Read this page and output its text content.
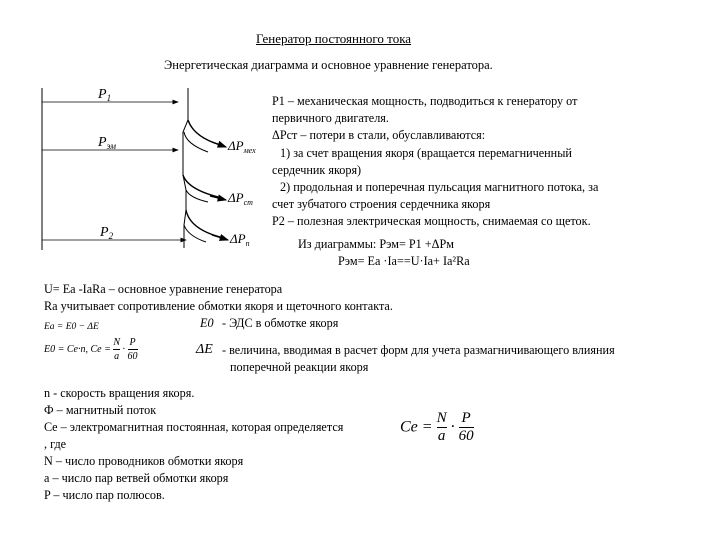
Генератор постоянного тока
Энергетическая диаграмма и основное уравнение генератора.
$P_1$
$P_{эм}$
$P_2$
$\Delta P_{мех}$
$\Delta P_{ст}$
$\Delta P_п$

P1 – механическая мощность, подводиться к генератору от

первичного двигателя.

ΔPст – потери в стали, обуславливаются:

1) за счет вращения якоря (вращается перемагниченный

сердечник якоря)

2) продольная и поперечная пульсация магнитного потока, за

счет зубчатого строения сердечника якоря

P2 – полезная электрическая мощность, снимаемая со щеток.

Из диаграммы: Pэм= P1 +ΔPм
Pэм= Eа ·Iа==U·Iа+ Iа²Rа
U= Eа -IаRа – основное уравнение генератора
Rа учитывает сопротивление обмотки якоря и щеточного контакта.
Eа = E0 − ΔE	E0 - ЭДС в обмотке якоря
E0 = Ce·n, $Ce = \frac{N}{a} \cdot \frac{P}{60}$	ΔE - величина, вводимая в расчет форм для учета размагничивающего влияния
поперечной реакции якоря

n - скорость вращения якоря.

Ф – магнитный поток

Ce – электромагнитная постоянная, которая определяется

, где

N – число проводников обмотки якоря

a – число пар ветвей обмотки якоря

P – число пар полюсов.

$Ce = \frac{N}{a} \cdot \frac{P}{60}$
